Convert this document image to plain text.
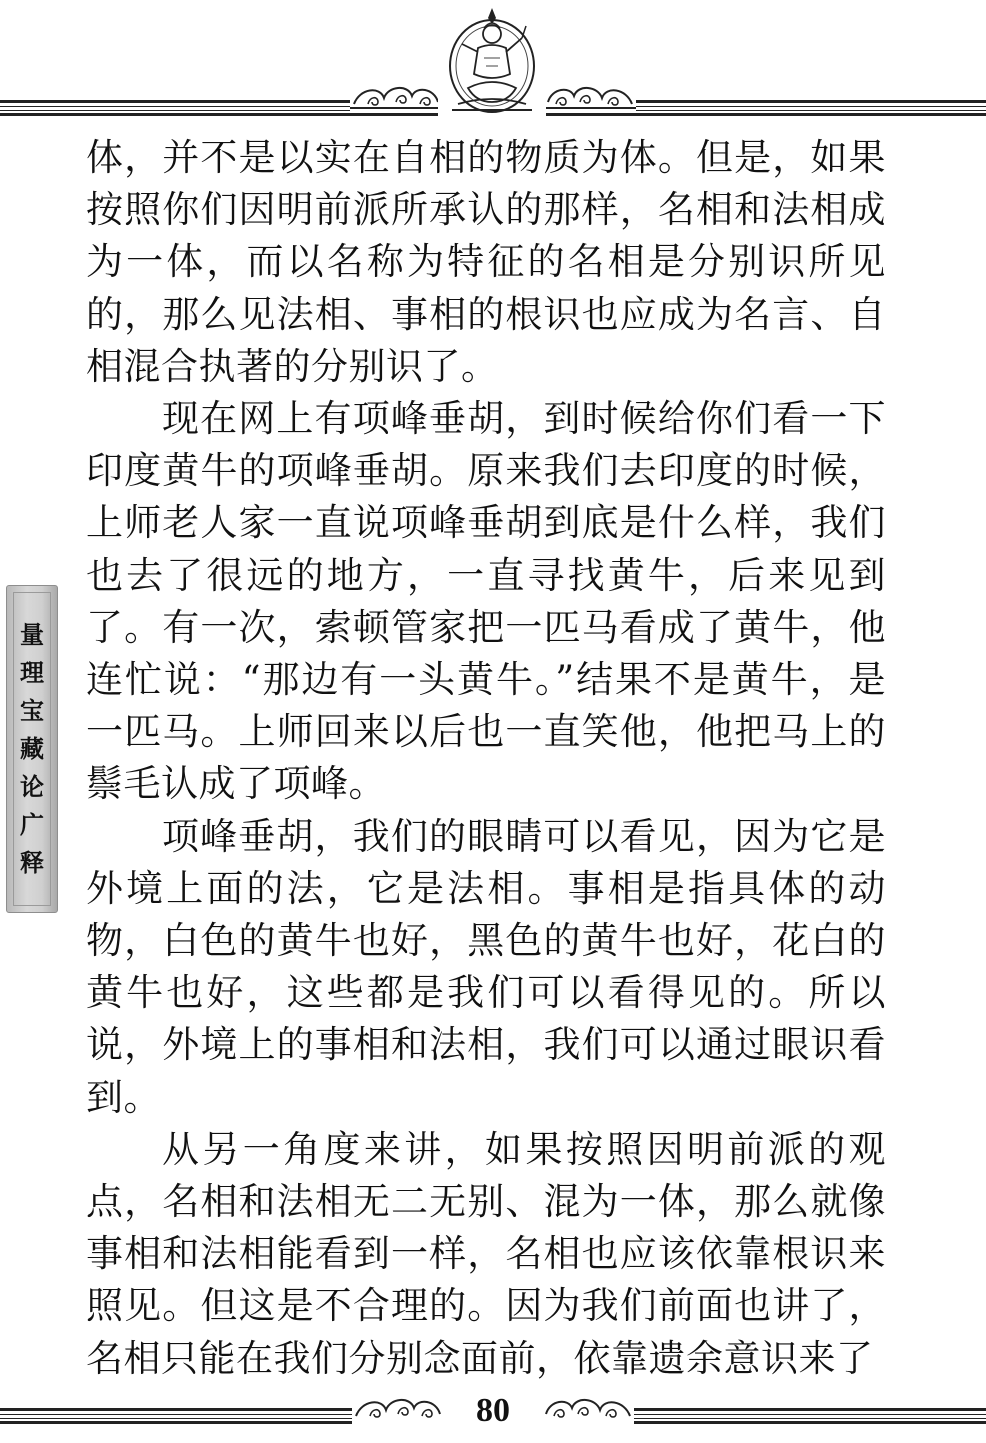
量
理
宝
藏
论
广
释

体，并不是以实在自相的物质为体。但是，如果按照你们因明前派所承认的那样，名相和法相成为一体，而以名称为特征的名相是分别识所见的，那么见法相、事相的根识也应成为名言、自相混合执著的分别识了。

现在网上有项峰垂胡，到时候给你们看一下印度黄牛的项峰垂胡。原来我们去印度的时候，上师老人家一直说项峰垂胡到底是什么样，我们也去了很远的地方，一直寻找黄牛，后来见到了。有一次，索顿管家把一匹马看成了黄牛，他连忙说：“那边有一头黄牛。”结果不是黄牛，是一匹马。上师回来以后也一直笑他，他把马上的鬃毛认成了项峰。

项峰垂胡，我们的眼睛可以看见，因为它是外境上面的法，它是法相。事相是指具体的动物，白色的黄牛也好，黑色的黄牛也好，花白的黄牛也好，这些都是我们可以看得见的。所以说，外境上的事相和法相，我们可以通过眼识看到。

从另一角度来讲，如果按照因明前派的观点，名相和法相无二无别、混为一体，那么就像事相和法相能看到一样，名相也应该依靠根识来照见。但这是不合理的。因为我们前面也讲了，名相只能在我们分别念面前，依靠遗余意识来了

80
